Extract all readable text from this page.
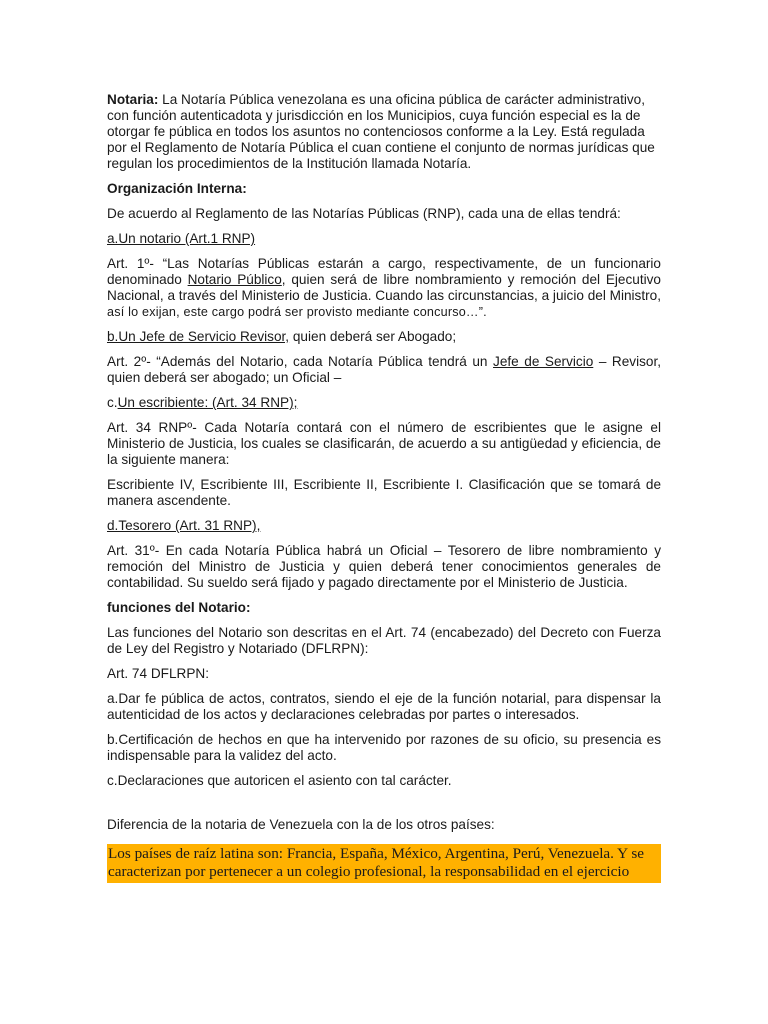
Notaria: La Notaría Pública venezolana es una oficina pública de carácter administrativo, con función autenticadota y jurisdicción en los Municipios, cuya función especial es la de otorgar fe pública en todos los asuntos no contenciosos conforme a la Ley. Está regulada por el Reglamento de Notaría Pública el cuan contiene el conjunto de normas jurídicas que regulan los procedimientos de la Institución llamada Notaría.

Organización Interna:

De acuerdo al Reglamento de las Notarías Públicas (RNP), cada una de ellas tendrá:

a.Un notario (Art.1 RNP)

Art. 1º- “Las Notarías Públicas estarán a cargo, respectivamente, de un funcionario denominado Notario Público, quien será de libre nombramiento y remoción del Ejecutivo Nacional, a través del Ministerio de Justicia. Cuando las circunstancias, a juicio del Ministro, así lo exijan, este cargo podrá ser provisto mediante concurso…”.

b.Un Jefe de Servicio Revisor, quien deberá ser Abogado;

Art. 2º- “Además del Notario, cada Notaría Pública tendrá un Jefe de Servicio – Revisor, quien deberá ser abogado; un Oficial –

c.Un escribiente: (Art. 34 RNP);

Art. 34 RNPº- Cada Notaría contará con el número de escribientes que le asigne el Ministerio de Justicia, los cuales se clasificarán, de acuerdo a su antigüedad y eficiencia, de la siguiente manera:

Escribiente IV, Escribiente III, Escribiente II, Escribiente I. Clasificación que se tomará de manera ascendente.

d.Tesorero (Art. 31 RNP),

Art. 31º- En cada Notaría Pública habrá un Oficial – Tesorero de libre nombramiento y remoción del Ministro de Justicia y quien deberá tener conocimientos generales de contabilidad. Su sueldo será fijado y pagado directamente por el Ministerio de Justicia.

funciones del Notario:

Las funciones del Notario son descritas en el Art. 74 (encabezado) del Decreto con Fuerza de Ley del Registro y Notariado (DFLRPN):

Art. 74 DFLRPN:

a.Dar fe pública de actos, contratos, siendo el eje de la función notarial, para dispensar la autenticidad de los actos y declaraciones celebradas por partes o interesados.

b.Certificación de hechos en que ha intervenido por razones de su oficio, su presencia es indispensable para la validez del acto.

c.Declaraciones que autoricen el asiento con tal carácter.

Diferencia de la notaria de Venezuela con la de los otros países:

Los países de raíz latina son: Francia, España, México, Argentina, Perú, Venezuela. Y se caracterizan por pertenecer a un colegio profesional, la responsabilidad en el ejercicio
